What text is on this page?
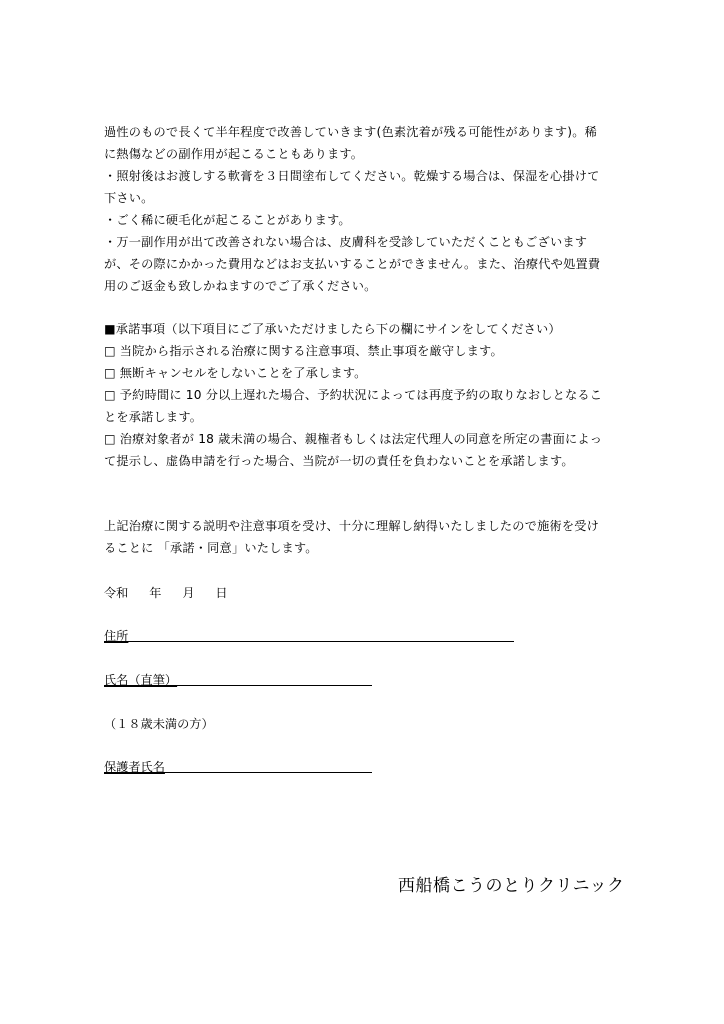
過性のもので長くて半年程度で改善していきます(色素沈着が残る可能性があります)。稀
に熱傷などの副作用が起こることもあります。
・照射後はお渡しする軟膏を３日間塗布してください。乾燥する場合は、保湿を心掛けて
下さい。
・ごく稀に硬毛化が起こることがあります。
・万一副作用が出て改善されない場合は、皮膚科を受診していただくこともございます
が、その際にかかった費用などはお支払いすることができません。また、治療代や処置費
用のご返金も致しかねますのでご了承ください。
■承諾事項（以下項目にご了承いただけましたら下の欄にサインをしてください）
□ 当院から指示される治療に関する注意事項、禁止事項を厳守します。
□ 無断キャンセルをしないことを了承します。
□ 予約時間に 10 分以上遅れた場合、予約状況によっては再度予約の取りなおしとなるこ
とを承諾します。
□ 治療対象者が 18 歳未満の場合、親権者もしくは法定代理人の同意を所定の書面によっ
て提示し、虚偽申請を行った場合、当院が一切の責任を負わないことを承諾します。
上記治療に関する説明や注意事項を受け、十分に理解し納得いたしましたので施術を受け
ることに 「承諾・同意」いたします。
令和 年 月 日
住所
氏名（直筆）
（１８歳未満の方）
保護者氏名
西船橋こうのとりクリニック
